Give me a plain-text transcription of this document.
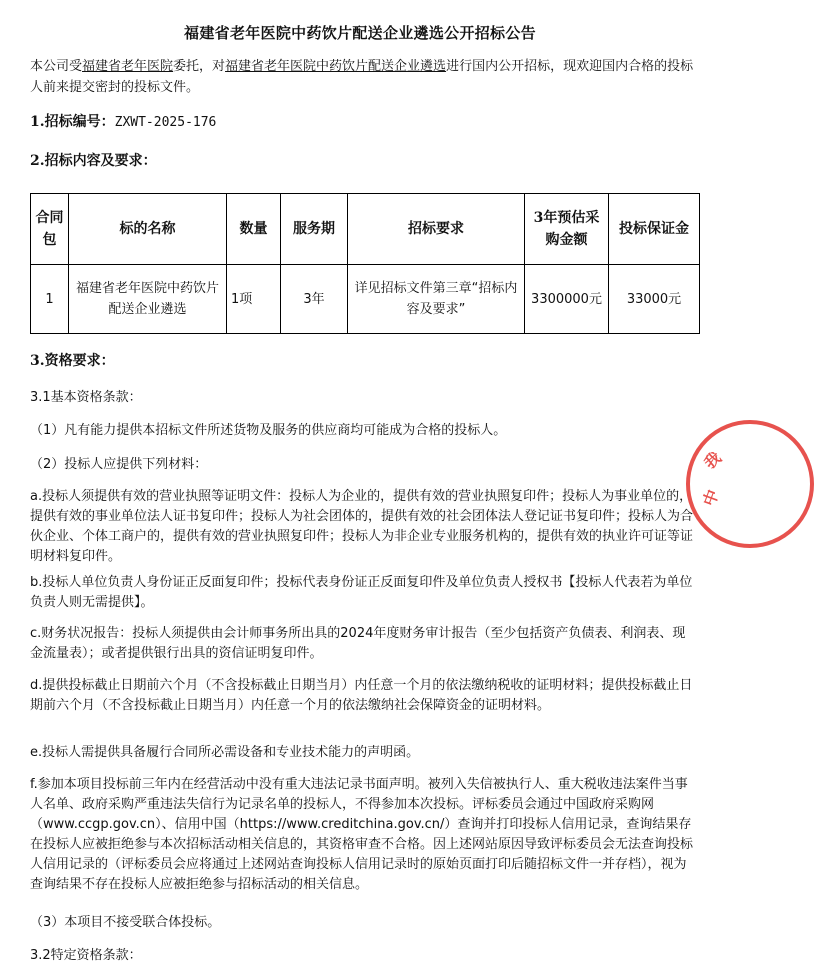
福建省老年医院中药饮片配送企业遴选公开招标公告
本公司受福建省老年医院委托，对福建省老年医院中药饮片配送企业遴选进行国内公开招标，现欢迎国内合格的投标人前来提交密封的投标文件。
1.招标编号：ZXWT-2025-176
2.招标内容及要求：
合同包	标的名称	数量	服务期	招标要求	3年预估采购金额	投标保证金
1	福建省老年医院中药饮片配送企业遴选	1项	3年	详见招标文件第三章“招标内容及要求”	3300000元	33000元
3.资格要求：
3.1基本资格条款：
（1）凡有能力提供本招标文件所述货物及服务的供应商均可能成为合格的投标人。
（2）投标人应提供下列材料：
a.投标人须提供有效的营业执照等证明文件：投标人为企业的，提供有效的营业执照复印件；投标人为事业单位的，提供有效的事业单位法人证书复印件；投标人为社会团体的，提供有效的社会团体法人登记证书复印件；投标人为合伙企业、个体工商户的，提供有效的营业执照复印件；投标人为非企业专业服务机构的，提供有效的执业许可证等证明材料复印件。
b.投标人单位负责人身份证正反面复印件；投标代表身份证正反面复印件及单位负责人授权书【投标人代表若为单位负责人则无需提供】。
c.财务状况报告：投标人须提供由会计师事务所出具的2024年度财务审计报告（至少包括资产负债表、利润表、现金流量表）；或者提供银行出具的资信证明复印件。
d.提供投标截止日期前六个月（不含投标截止日期当月）内任意一个月的依法缴纳税收的证明材料；提供投标截止日期前六个月（不含投标截止日期当月）内任意一个月的依法缴纳社会保障资金的证明材料。
e.投标人需提供具备履行合同所必需设备和专业技术能力的声明函。
f.参加本项目投标前三年内在经营活动中没有重大违法记录书面声明。被列入失信被执行人、重大税收违法案件当事人名单、政府采购严重违法失信行为记录名单的投标人，不得参加本次投标。评标委员会通过中国政府采购网（www.ccgp.gov.cn）、信用中国（https://www.creditchina.gov.cn/）查询并打印投标人信用记录，查询结果存在投标人应被拒绝参与本次招标活动相关信息的，其资格审查不合格。因上述网站原因导致评标委员会无法查询投标人信用记录的（评标委员会应将通过上述网站查询投标人信用记录时的原始页面打印后随招标文件一并存档），视为查询结果不存在投标人应被拒绝参与招标活动的相关信息。
（3）本项目不接受联合体投标。
3.2特定资格条款：
我
中
